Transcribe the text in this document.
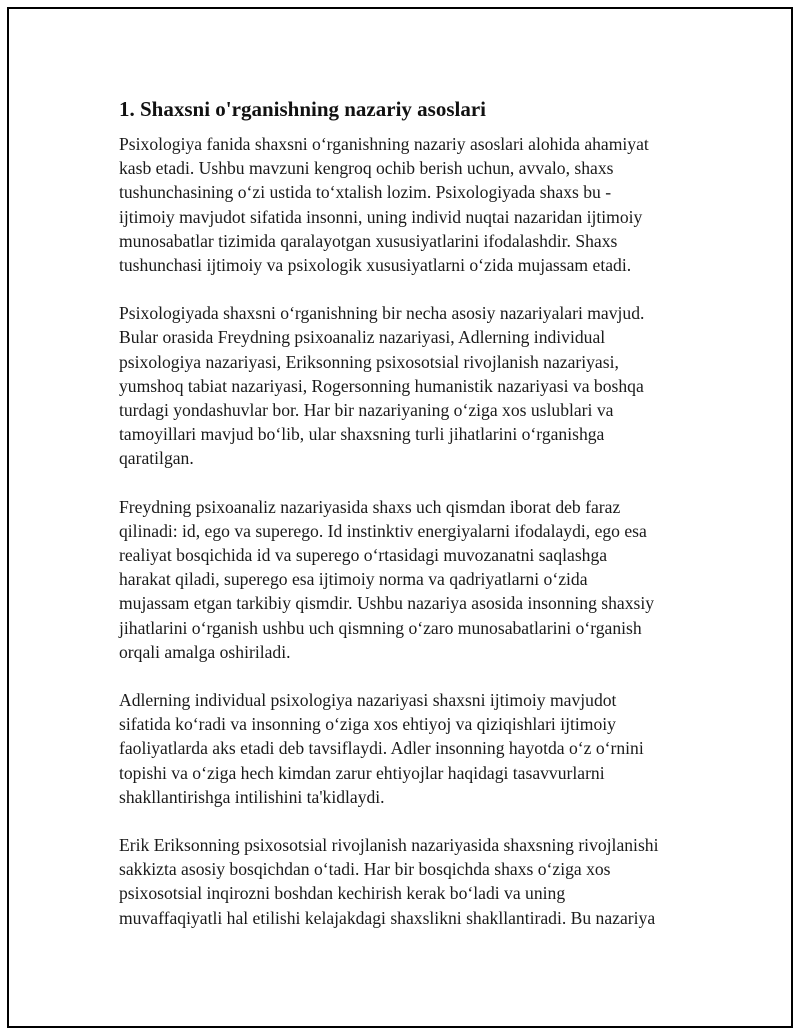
1. Shaxsni o'rganishning nazariy asoslari

Psixologiya fanida shaxsni oʻrganishning nazariy asoslari alohida ahamiyat
kasb etadi. Ushbu mavzuni kengroq ochib berish uchun, avvalo, shaxs
tushunchasining oʻzi ustida toʻxtalish lozim. Psixologiyada shaxs bu -
ijtimoiy mavjudot sifatida insonni, uning individ nuqtai nazaridan ijtimoiy
munosabatlar tizimida qaralayotgan xususiyatlarini ifodalashdir. Shaxs
tushunchasi ijtimoiy va psixologik xususiyatlarni oʻzida mujassam etadi.

Psixologiyada shaxsni oʻrganishning bir necha asosiy nazariyalari mavjud.
Bular orasida Freydning psixoanaliz nazariyasi, Adlerning individual
psixologiya nazariyasi, Eriksonning psixosotsial rivojlanish nazariyasi,
yumshoq tabiat nazariyasi, Rogersonning humanistik nazariyasi va boshqa
turdagi yondashuvlar bor. Har bir nazariyaning oʻziga xos uslublari va
tamoyillari mavjud boʻlib, ular shaxsning turli jihatlarini oʻrganishga
qaratilgan.

Freydning psixoanaliz nazariyasida shaxs uch qismdan iborat deb faraz
qilinadi: id, ego va superego. Id instinktiv energiyalarni ifodalaydi, ego esa
realiyat bosqichida id va superego oʻrtasidagi muvozanatni saqlashga
harakat qiladi, superego esa ijtimoiy norma va qadriyatlarni oʻzida
mujassam etgan tarkibiy qismdir. Ushbu nazariya asosida insonning shaxsiy
jihatlarini oʻrganish ushbu uch qismning oʻzaro munosabatlarini oʻrganish
orqali amalga oshiriladi.

Adlerning individual psixologiya nazariyasi shaxsni ijtimoiy mavjudot
sifatida koʻradi va insonning oʻziga xos ehtiyoj va qiziqishlari ijtimoiy
faoliyatlarda aks etadi deb tavsiflaydi. Adler insonning hayotda oʻz oʻrnini
topishi va oʻziga hech kimdan zarur ehtiyojlar haqidagi tasavvurlarni
shakllantirishga intilishini ta'kidlaydi.

Erik Eriksonning psixosotsial rivojlanish nazariyasida shaxsning rivojlanishi
sakkizta asosiy bosqichdan oʻtadi. Har bir bosqichda shaxs oʻziga xos
psixosotsial inqirozni boshdan kechirish kerak boʻladi va uning
muvaffaqiyatli hal etilishi kelajakdagi shaxslikni shakllantiradi. Bu nazariya
